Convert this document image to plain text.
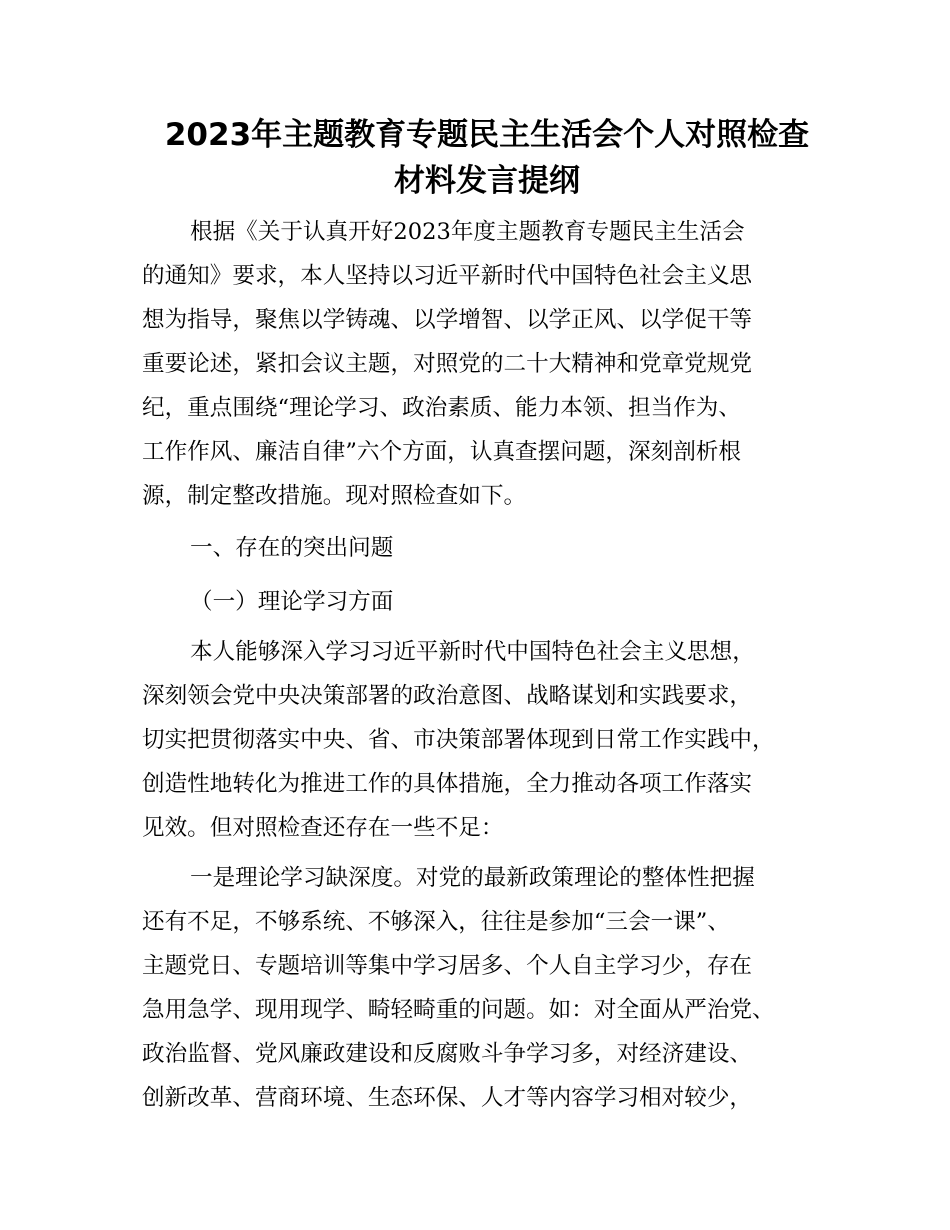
2023年主题教育专题民主生活会个人对照检查
材料发言提纲
根据《关于认真开好2023年度主题教育专题民主生活会
的通知》要求，本人坚持以习近平新时代中国特色社会主义思
想为指导，聚焦以学铸魂、以学增智、以学正风、以学促干等
重要论述，紧扣会议主题，对照党的二十大精神和党章党规党
纪，重点围绕“理论学习、政治素质、能力本领、担当作为、
工作作风、廉洁自律”六个方面，认真查摆问题，深刻剖析根
源，制定整改措施。现对照检查如下。
一、存在的突出问题
（一）理论学习方面
本人能够深入学习习近平新时代中国特色社会主义思想，
深刻领会党中央决策部署的政治意图、战略谋划和实践要求，
切实把贯彻落实中央、省、市决策部署体现到日常工作实践中，
创造性地转化为推进工作的具体措施，全力推动各项工作落实
见效。但对照检查还存在一些不足：
一是理论学习缺深度。对党的最新政策理论的整体性把握
还有不足，不够系统、不够深入，往往是参加“三会一课”、
主题党日、专题培训等集中学习居多、个人自主学习少，存在
急用急学、现用现学、畸轻畸重的问题。如：对全面从严治党、
政治监督、党风廉政建设和反腐败斗争学习多，对经济建设、
创新改革、营商环境、生态环保、人才等内容学习相对较少，
